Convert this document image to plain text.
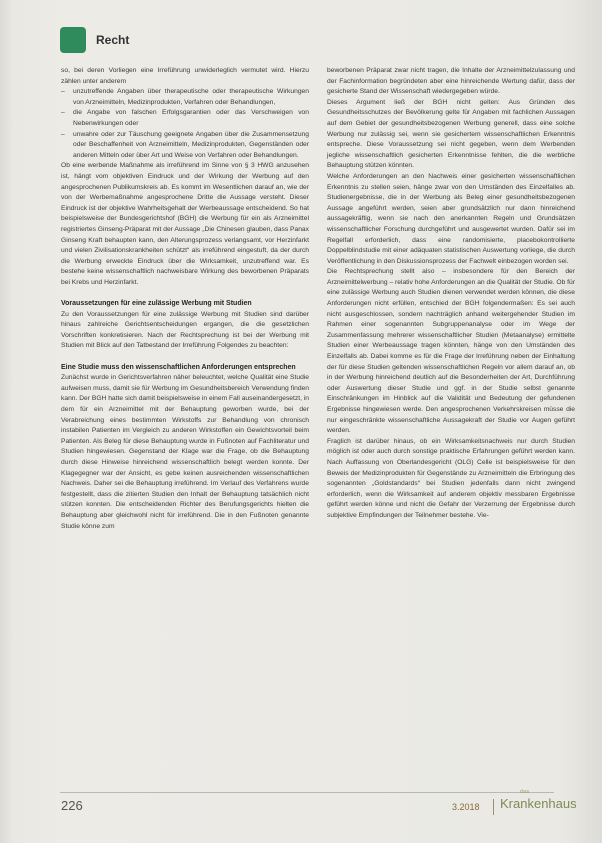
Recht

so, bei deren Vorliegen eine Irreführung unwiderleglich vermutet wird. Hierzu zählen unter anderem

– unzutreffende Angaben über therapeutische oder therapeutische Wirkungen von Arzneimitteln, Medizinprodukten, Verfahren oder Behandlungen,
– die Angabe von falschen Erfolgsgarantien oder das Verschweigen von Nebenwirkungen oder
– unwahre oder zur Täuschung geeignete Angaben über die Zusammensetzung oder Beschaffenheit von Arzneimitteln, Medizinprodukten, Gegenständen oder anderen Mitteln oder über Art und Weise von Verfahren oder Behandlungen.

Ob eine werbende Maßnahme als irreführend im Sinne von § 3 HWG anzusehen ist, hängt vom objektiven Eindruck und der Wirkung der Werbung auf den angesprochenen Publikumskreis ab. Es kommt im Wesentlichen darauf an, wie der von der Werbemaßnahme angesprochene Dritte die Aussage versteht. Dieser Eindruck ist der objektive Wahrheitsgehalt der Werbeaussage entscheidend. So hat beispielsweise der Bundesgerichtshof (BGH) die Werbung für ein als Arzneimittel registriertes Ginseng-Präparat mit der Aussage „Die Chinesen glauben, dass Panax Ginseng Kraft behaupten kann, den Alterungsprozess verlangsamt, vor Herzinfarkt und vielen Zivilisationskrankheiten schützt“ als irreführend eingestuft, da der durch die Werbung erweckte Eindruck über die Wirksamkeit, unzutreffend war. Es bestehe keine wissenschaftlich nachweisbare Wirkung des beworbenen Präparats bei Krebs und Herzinfarkt.

Voraussetzungen für eine zulässige Werbung mit Studien

Zu den Voraussetzungen für eine zulässige Werbung mit Studien sind darüber hinaus zahlreiche Gerichtsentscheidungen ergangen, die die gesetzlichen Vorschriften konkretisieren. Nach der Rechtsprechung ist bei der Werbung mit Studien mit Blick auf den Tatbestand der Irreführung Folgendes zu beachten:

Eine Studie muss den wissenschaftlichen Anforderungen entsprechen

Zunächst wurde in Gerichtsverfahren näher beleuchtet, welche Qualität eine Studie aufweisen muss, damit sie für Werbung im Gesundheitsbereich Verwendung finden kann. Der BGH hatte sich damit beispielsweise in einem Fall auseinandergesetzt, in dem für ein Arzneimittel mit der Behauptung geworben wurde, bei der Verabreichung eines bestimmten Wirkstoffs zur Behandlung von chronisch instabilen Patienten im Vergleich zu anderen Wirkstoffen ein Gewichtsvorteil beim Patienten. Als Beleg für diese Behauptung wurde in Fußnoten auf Fachliteratur und Studien hingewiesen. Gegenstand der Klage war die Frage, ob die Behauptung durch diese Hinweise hinreichend wissenschaftlich belegt werden konnte. Der Klagegegner war der Ansicht, es gebe keinen ausreichenden wissenschaftlichen Nachweis. Daher sei die Behauptung irreführend. Im Verlauf des Verfahrens wurde festgestellt, dass die zitierten Studien den Inhalt der Behauptung tatsächlich nicht stützen konnten. Die entscheidenden Richter des Berufungsgerichts hielten die Behauptung aber gleichwohl nicht für irreführend. Die in den Fußnoten genannte Studie könne zum

beworbenen Präparat zwar nicht tragen, die Inhalte der Arzneimittelzulassung und der Fachinformation begründeten aber eine hinreichende Wertung dafür, dass der gesicherte Stand der Wissenschaft wiedergegeben würde.

Dieses Argument ließ der BGH nicht gelten: Aus Gründen des Gesundheitsschutzes der Bevölkerung gelte für Angaben mit fachlichen Aussagen auf dem Gebiet der gesundheitsbezogenen Werbung generell, dass eine solche Werbung nur zulässig sei, wenn sie gesichertem wissenschaftlichen Erkenntnis entspreche. Diese Voraussetzung sei nicht gegeben, wenn dem Werbenden jegliche wissenschaftlich gesicherten Erkenntnisse fehlten, die die werbliche Behauptung stützen könnten.

Welche Anforderungen an den Nachweis einer gesicherten wissenschaftlichen Erkenntnis zu stellen seien, hänge zwar von den Umständen des Einzelfalles ab. Studienergebnisse, die in der Werbung als Beleg einer gesundheitsbezogenen Aussage angeführt werden, seien aber grundsätzlich nur dann hinreichend aussagekräftig, wenn sie nach den anerkannten Regeln und Grundsätzen wissenschaftlicher Forschung durchgeführt und ausgewertet wurden. Dafür sei im Regelfall erforderlich, dass eine randomisierte, placebokontrollierte Doppelblindstudie mit einer adäquaten statistischen Auswertung vorliege, die durch Veröffentlichung in den Diskussionsprozess der Fachwelt einbezogen worden sei.

Die Rechtsprechung stellt also – insbesondere für den Bereich der Arzneimittelwerbung – relativ hohe Anforderungen an die Qualität der Studie. Ob für eine zulässige Werbung auch Studien dienen verwendet werden können, die diese Anforderungen nicht erfüllen, entschied der BGH folgendermaßen: Es sei auch nicht ausgeschlossen, sondern nachträglich anhand weitergehender Studien im Rahmen einer sogenannten Subgruppenanalyse oder im Wege der Zusammenfassung mehrerer wissenschaftlicher Studien (Metaanalyse) ermittelte Studien einer Werbeaussage tragen könnten, hänge von den Umständen des Einzelfalls ab. Dabei komme es für die Frage der Irreführung neben der Einhaltung der für diese Studien geltenden wissenschaftlichen Regeln vor allem darauf an, ob in der Werbung hinreichend deutlich auf die Besonderheiten der Art, Durchführung oder Auswertung dieser Studie und ggf. in der Studie selbst genannte Einschränkungen im Hinblick auf die Validität und Bedeutung der gefundenen Ergebnisse hingewiesen werde. Den angesprochenen Verkehrskreisen müsse die nur eingeschränkte wissenschaftliche Aussagekraft der Studie vor Augen geführt werden.

Fraglich ist darüber hinaus, ob ein Wirksamkeitsnachweis nur durch Studien möglich ist oder auch durch sonstige praktische Erfahrungen geführt werden kann. Nach Auffassung von Oberlandesgericht (OLG) Celle ist beispielsweise für den Beweis der Medizinprodukten für Gegenstände zu Arzneimitteln die Erbringung des sogenannten „Goldstandards“ bei Studien jedenfalls dann nicht zwingend erforderlich, wenn die Wirksamkeit auf anderem objektiv messbaren Ergebnisse geführt werden könne und nicht die Gefahr der Verzerrung der Ergebnisse durch subjektive Empfindungen der Teilnehmer bestehe. Vie-

226	3.2018
das
Krankenhaus
